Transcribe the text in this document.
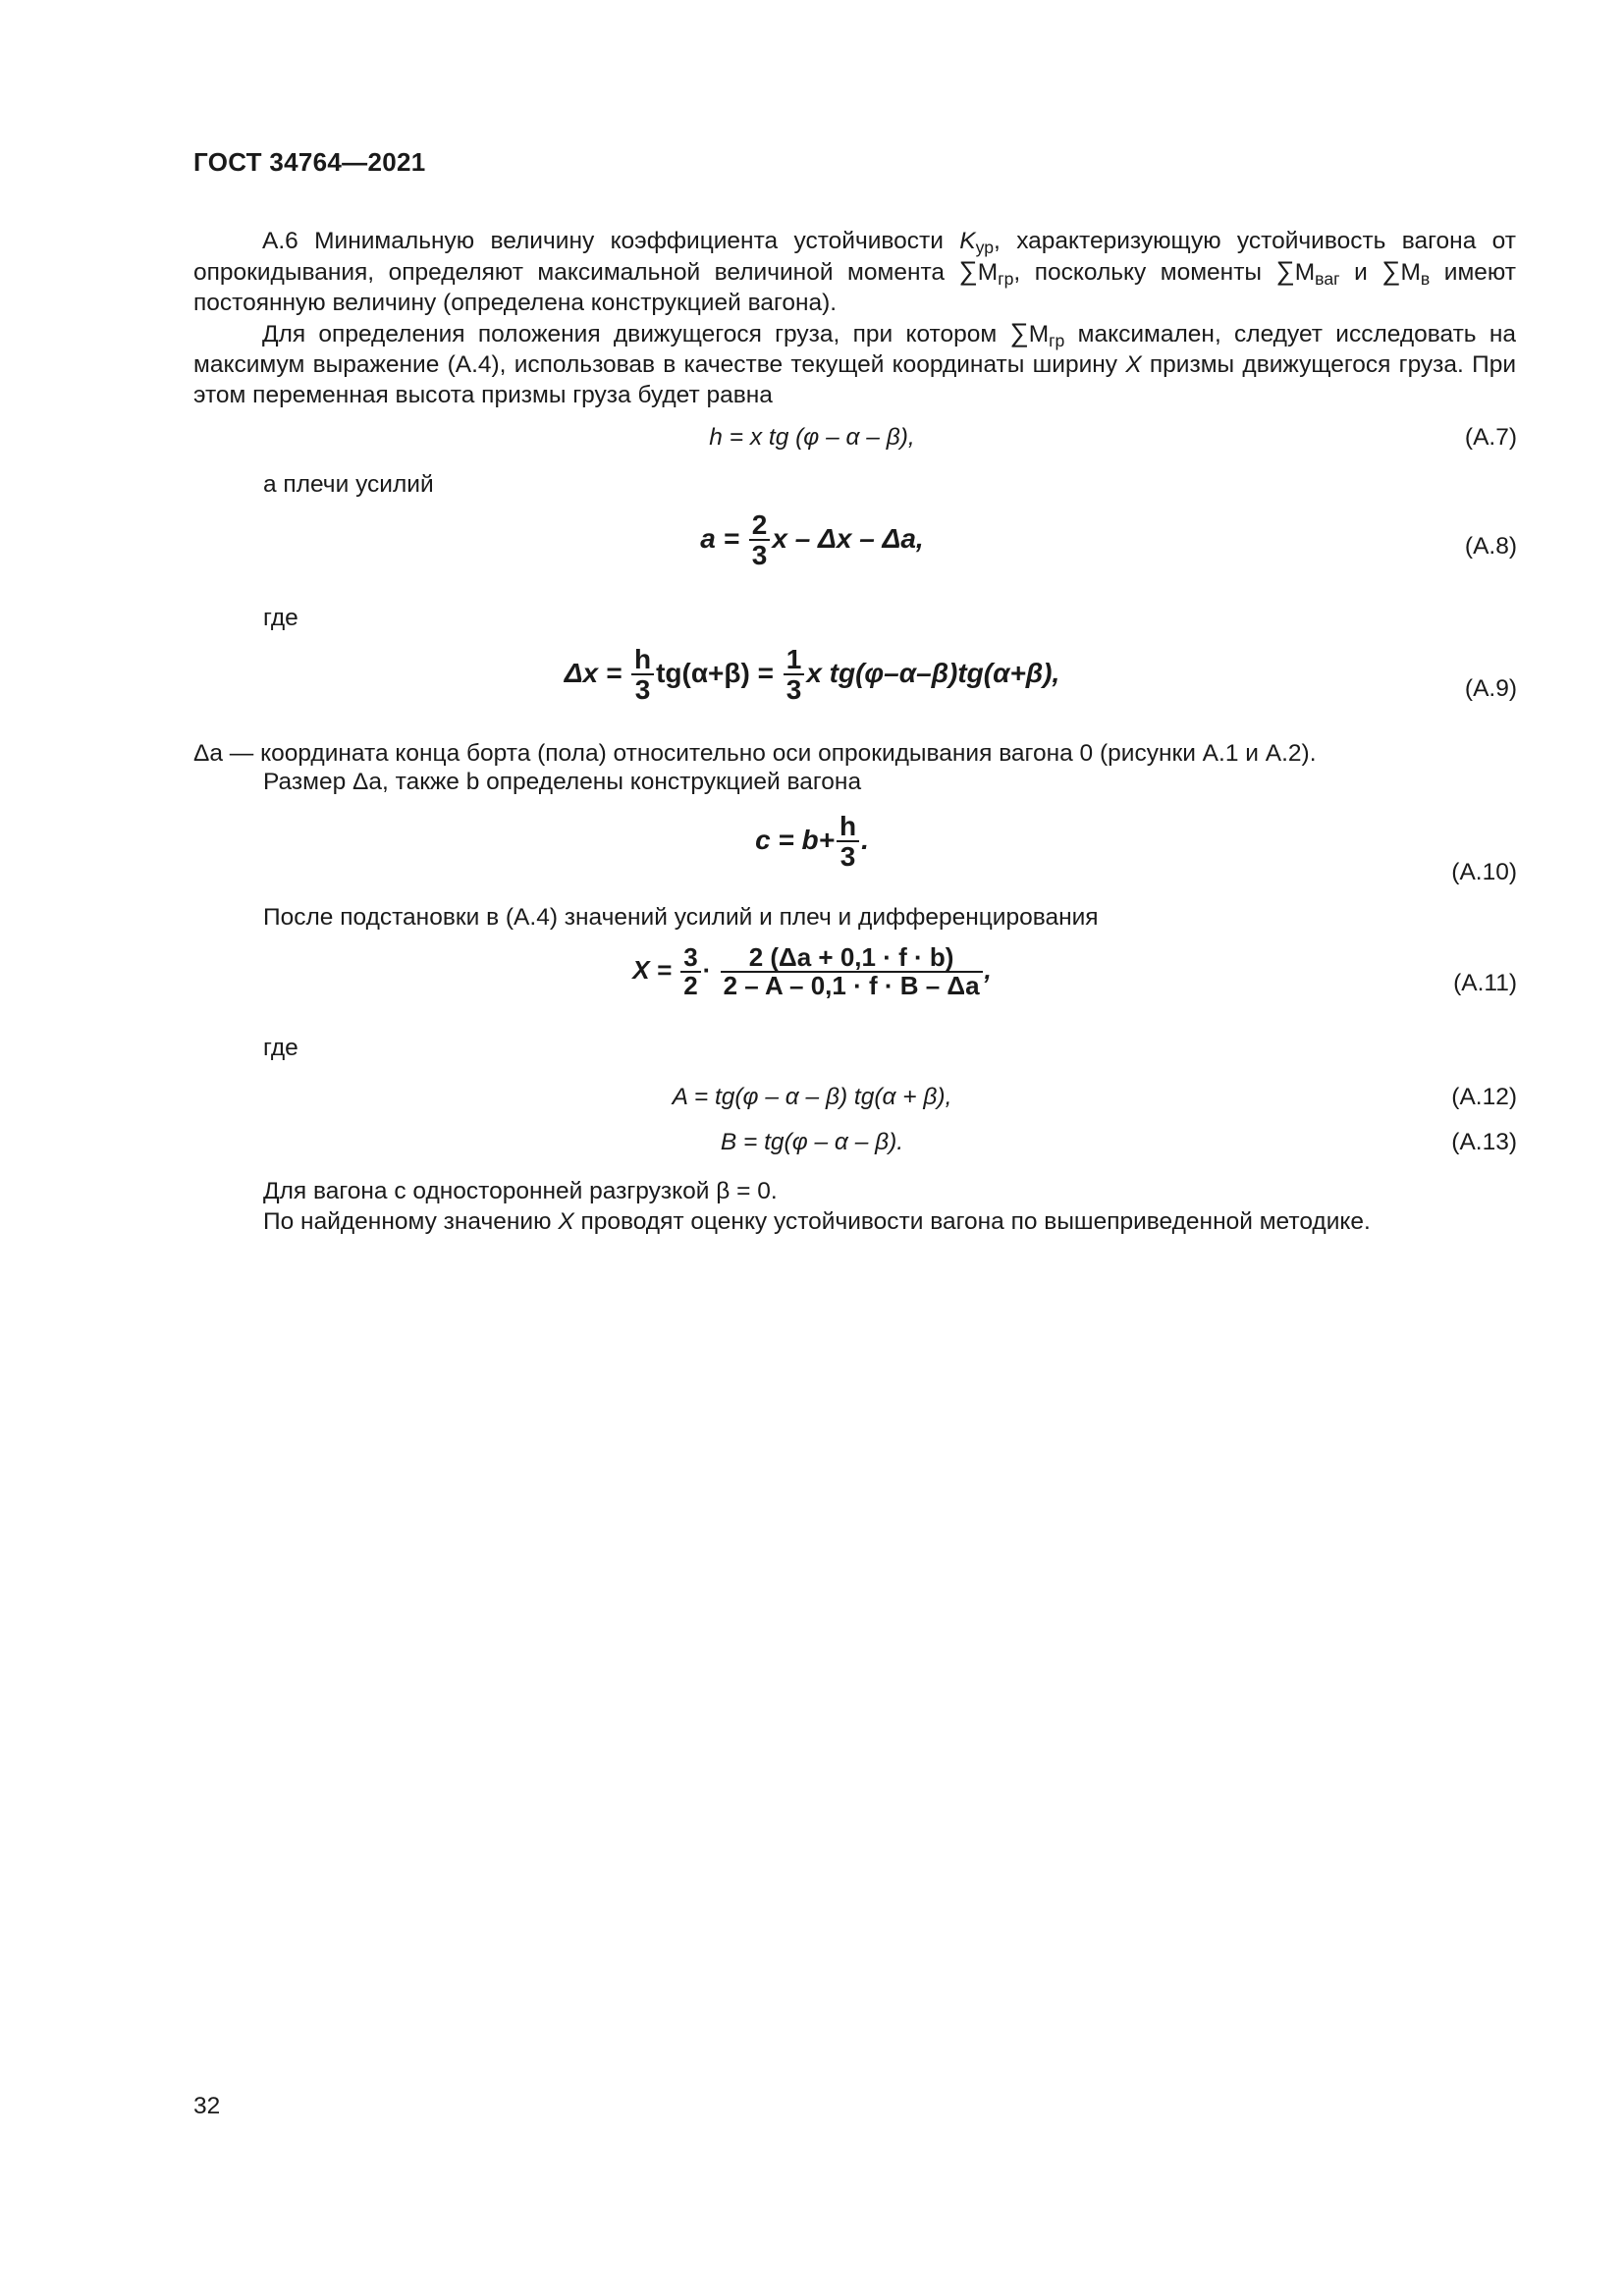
ГОСТ 34764—2021
А.6 Минимальную величину коэффициента устойчивости $K_{ур}$, характеризующую устойчивость вагона от опрокидывания, определяют максимальной величиной момента $\sum М_{гр}$, поскольку моменты $\sum М_{ваг}$ и $\sum М_в$ имеют постоянную величину (определена конструкцией вагона).
Для определения положения движущегося груза, при котором $\sum М_{гр}$ максимален, следует исследовать на максимум выражение (А.4), использовав в качестве текущей координаты ширину X призмы движущегося груза. При этом переменная высота призмы груза будет равна
h = x tg (φ – α – β),	(А.7)
а плечи усилий
$a = \frac{2}{3}$ x – Δx – Δa,	(А.8)
где
$\Delta x = \frac{h}{3} tg(\alpha+\beta) = \frac{1}{3}$ x tg(φ–α–β)tg(α+β),
(А.9)
Δa — координата конца борта (пола) относительно оси опрокидывания вагона 0 (рисунки А.1 и А.2).
Размер Δa, также b определены конструкцией вагона
$c = b+ \frac{h}{3}$ .
(А.10)
После подстановки в (А.4) значений усилий и плеч и дифференцирования
$X = \frac{3}{2} \cdot \frac{2 (\Delta a + 0,1 \cdot f \cdot b)}{2 - A - 0,1 \cdot f \cdot B - \Delta a}$ ,	(А.11)
где
A = tg(φ – α – β) tg(α + β),	(А.12)
B = tg(φ – α – β).	(А.13)
Для вагона с односторонней разгрузкой β = 0.
По найденному значению X проводят оценку устойчивости вагона по вышеприведенной методике.
32
